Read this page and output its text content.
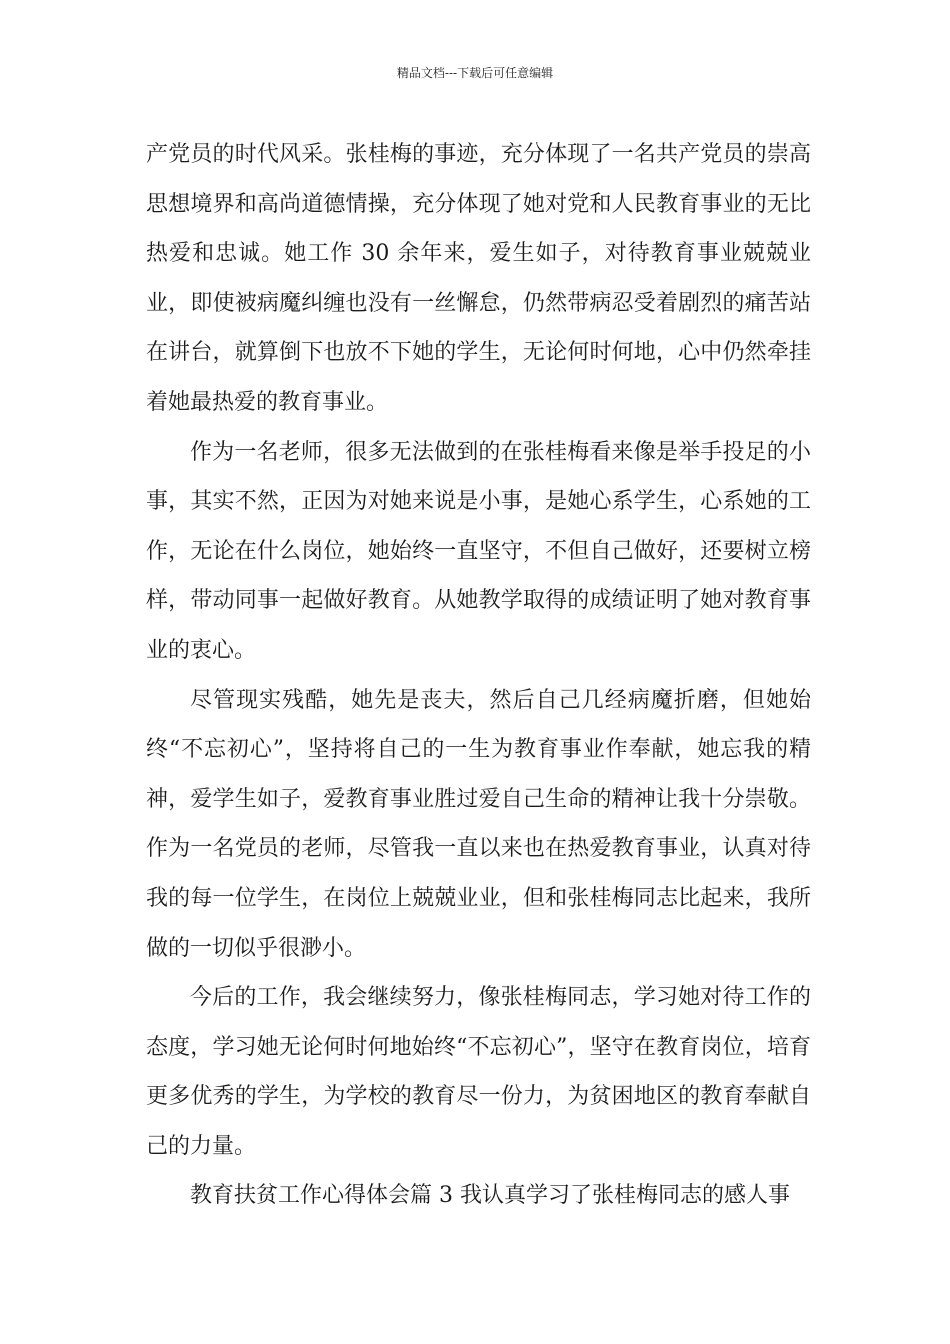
精品文档---下载后可任意编辑

产党员的时代风采。张桂梅的事迹，充分体现了一名共产党员的崇高思想境界和高尚道德情操，充分体现了她对党和人民教育事业的无比热爱和忠诚。她工作 30 余年来，爱生如子，对待教育事业兢兢业业，即使被病魔纠缠也没有一丝懈怠，仍然带病忍受着剧烈的痛苦站在讲台，就算倒下也放不下她的学生，无论何时何地，心中仍然牵挂着她最热爱的教育事业。

作为一名老师，很多无法做到的在张桂梅看来像是举手投足的小事，其实不然，正因为对她来说是小事，是她心系学生，心系她的工作，无论在什么岗位，她始终一直坚守，不但自己做好，还要树立榜样，带动同事一起做好教育。从她教学取得的成绩证明了她对教育事业的衷心。

尽管现实残酷，她先是丧夫，然后自己几经病魔折磨，但她始终“不忘初心”，坚持将自己的一生为教育事业作奉献，她忘我的精神，爱学生如子，爱教育事业胜过爱自己生命的精神让我十分崇敬。作为一名党员的老师，尽管我一直以来也在热爱教育事业，认真对待我的每一位学生，在岗位上兢兢业业，但和张桂梅同志比起来，我所做的一切似乎很渺小。

今后的工作，我会继续努力，像张桂梅同志，学习她对待工作的态度，学习她无论何时何地始终“不忘初心”，坚守在教育岗位，培育更多优秀的学生，为学校的教育尽一份力，为贫困地区的教育奉献自己的力量。

教育扶贫工作心得体会篇 3 我认真学习了张桂梅同志的感人事
